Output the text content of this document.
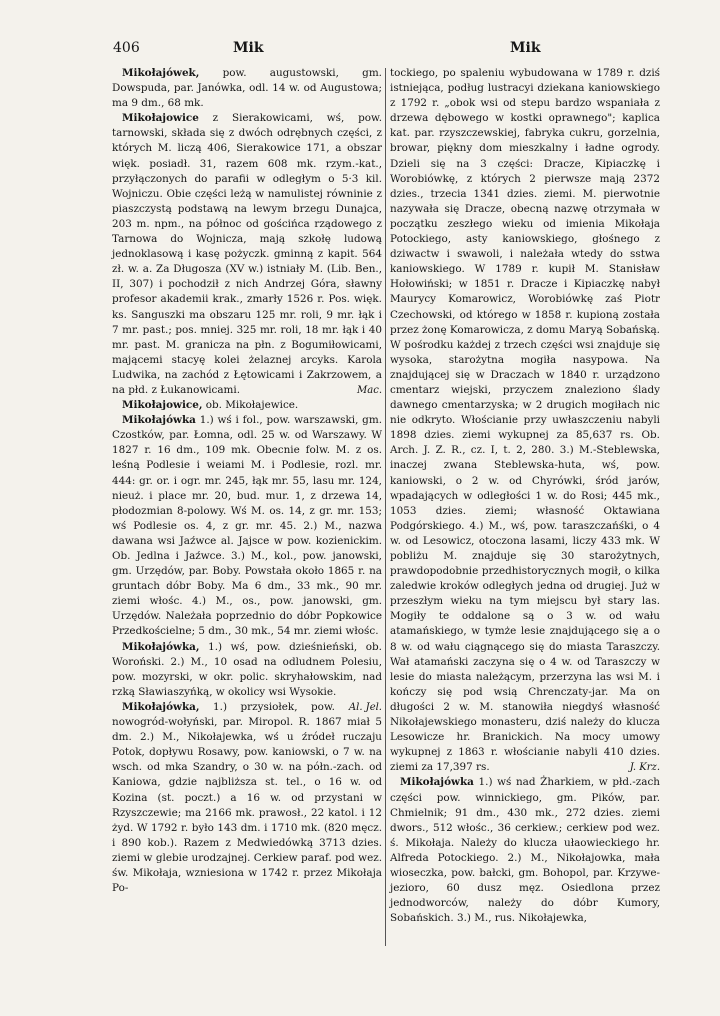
406	Mik	Mik

Mikołajówek, pow. augustowski, gm. Dowspuda, par. Janówka, odl. 14 w. od Augustowa; ma 9 dm., 68 mk.

Mikołajowice z Sierakowicami, wś, pow. tarnowski, składa się z dwóch odrębnych części, z których M. liczą 406, Sierakowice 171, a obszar więk. posiadł. 31, razem 608 mk. rzym.-kat., przyłączonych do parafii w odległym o 5·3 kil. Wojniczu. Obie części leżą w namulistej równinie z piaszczystą podstawą na lewym brzegu Dunajca, 203 m. npm., na północ od gościńca rządowego z Tarnowa do Wojnicza, mają szkołę ludową jednoklasową i kasę pożyczk. gminną z kapit. 564 zł. w. a. Za Długosza (XV w.) istniały M. (Lib. Ben., II, 307) i pochodził z nich Andrzej Góra, sławny profesor akademii krak., zmarły 1526 r. Pos. więk. ks. Sanguszki ma obszaru 125 mr. roli, 9 mr. łąk i 7 mr. past.; pos. mniej. 325 mr. roli, 18 mr. łąk i 40 mr. past. M. granicza na płn. z Bogumiłowicami, mającemi stacyę kolei żelaznej arcyks. Karola Ludwika, na zachód z Łętowicami i Zakrzowem, a na płd. z Łukanowicami.	Mac.

Mikołajowice, ob. Mikołajewice.

Mikołajówka 1.) wś i fol., pow. warszawski, gm. Czostków, par. Łomna, odl. 25 w. od Warszawy. W 1827 r. 16 dm., 109 mk. Obecnie folw. M. z os. leśną Podlesie i weiami M. i Podlesie, rozl. mr. 444: gr. or. i ogr. mr. 245, łąk mr. 55, lasu mr. 124, nieuż. i place mr. 20, bud. mur. 1, z drzewa 14, płodozmian 8-polowy. Wś M. os. 14, z gr. mr. 153; wś Podlesie os. 4, z gr. mr. 45. 2.) M., nazwa dawana wsi Jaźwce al. Jajsce w pow. kozienickim. Ob. Jedlna i Jaźwce. 3.) M., kol., pow. janowski, gm. Urzędów, par. Boby. Powstała około 1865 r. na gruntach dóbr Boby. Ma 6 dm., 33 mk., 90 mr. ziemi włośc. 4.) M., os., pow. janowski, gm. Urzędów. Należała poprzednio do dóbr Popkowice Przedkościelne; 5 dm., 30 mk., 54 mr. ziemi włośc.

Mikołajówka, 1.) wś, pow. dzieśnieński, ob. Woroński. 2.) M., 10 osad na odludnem Polesiu, pow. mozyrski, w okr. polic. skryhałowskim, nad rzką Sławiaszyńką, w okolicy wsi Wysokie.
Al. Jel.

Mikołajówka, 1.) przysiołek, pow. nowogród-wołyński, par. Miropol. R. 1867 miał 5 dm. 2.) M., Nikołajewka, wś u źródeł ruczaju Potok, dopływu Rosawy, pow. kaniowski, o 7 w. na wsch. od mka Szandry, o 30 w. na półn.-zach. od Kaniowa, gdzie najbliższa st. tel., o 16 w. od Kozina (st. poczt.) a 16 w. od przystani w Rzyszczewie; ma 2166 mk. prawosł., 22 katol. i 12 żyd. W 1792 r. było 143 dm. i 1710 mk. (820 męcz. i 890 kob.). Razem z Medwiedówką 3713 dzies. ziemi w glebie urodzajnej. Cerkiew paraf. pod wez. św. Mikołaja, wzniesiona w 1742 r. przez Mikołaja Po-

tockiego, po spaleniu wybudowana w 1789 r. dziś istniejąca, podług lustracyi dziekana kaniowskiego z 1792 r. „obok wsi od stepu bardzo wspaniała z drzewa dębowego w kostki oprawnego"; kaplica kat. par. rzyszczewskiej, fabryka cukru, gorzelnia, browar, piękny dom mieszkalny i ładne ogrody. Dzieli się na 3 części: Dracze, Kipiaczkę i Worobiówkę, z których 2 pierwsze mają 2372 dzies., trzecia 1341 dzies. ziemi. M. pierwotnie nazywała się Dracze, obecną nazwę otrzymała w początku zeszłego wieku od imienia Mikołaja Potockiego, asty kaniowskiego, głośnego z dziwactw i swawoli, i należała wtedy do sstwa kaniowskiego. W 1789 r. kupił M. Stanisław Hołowiński; w 1851 r. Dracze i Kipiaczkę nabył Maurycy Komarowicz, Worobiówkę zaś Piotr Czechowski, od którego w 1858 r. kupioną została przez żonę Komarowicza, z domu Maryą Sobańską. W pośrodku każdej z trzech części wsi znajduje się wysoka, starożytna mogiła nasypowa. Na znajdującej się w Draczach w 1840 r. urządzono cmentarz wiejski, przyczem znaleziono ślady dawnego cmentarzyska; w 2 drugich mogiłach nic nie odkryto. Włościanie przy uwłaszczeniu nabyli 1898 dzies. ziemi wykupnej za 85,637 rs. Ob. Arch. J. Z. R., cz. I, t. 2, 280. 3.) M.-Steblewska, inaczej zwana Steblewska-huta, wś, pow. kaniowski, o 2 w. od Chyrówki, śród jarów, wpadających w odległości 1 w. do Rosi; 445 mk., 1053 dzies. ziemi; własność Oktawiana Podgórskiego. 4.) M., wś, pow. taraszczańśki, o 4 w. od Lesowicz, otoczona lasami, liczy 433 mk. W pobliżu M. znajduje się 30 starożytnych, prawdopodobnie przedhistorycznych mogił, o kilka zaledwie kroków odległych jedna od drugiej. Już w przeszłym wieku na tym miejscu był stary las. Mogiły te oddalone są o 3 w. od wału atamańskiego, w tymże lesie znajdującego się a o 8 w. od wału ciągnącego się do miasta Taraszczy. Wał atamański zaczyna się o 4 w. od Taraszczy w lesie do miasta należącym, przerzyna las wsi M. i kończy się pod wsią Chrenczaty-jar. Ma on długości 2 w. M. stanowiła niegdyś własność Nikołajewskiego monasteru, dziś należy do klucza Lesowicze hr. Branickich. Na mocy umowy wykupnej z 1863 r. włościanie nabyli 410 dzies. ziemi za 17,397 rs.	J. Krz.

Mikołajówka 1.) wś nad Żharkiem, w płd.-zach części pow. winnickiego, gm. Pików, par. Chmielnik; 91 dm., 430 mk., 272 dzies. ziemi dwors., 512 włośc., 36 cerkiew.; cerkiew pod wez. ś. Mikołaja. Należy do klucza ułaowieckiego hr. Alfreda Potockiego. 2.) M., Nikołajowka, mała wioseczka, pow. bałcki, gm. Bohopol, par. Krzywe-jezioro, 60 dusz męz. Osiedlona przez jednodworców, należy do dóbr Kumory, Sobańskich. 3.) M., rus. Nikołajewka,
